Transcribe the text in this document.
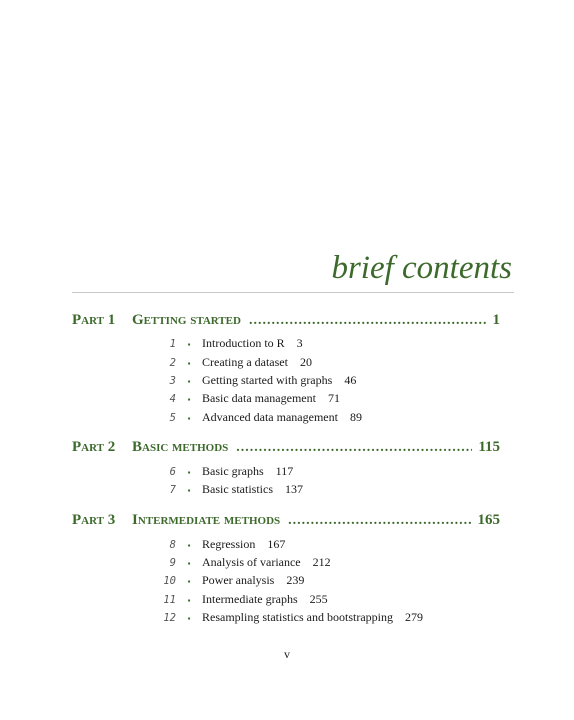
brief contents
Part 1	Getting started .....	1
1	▪ Introduction to R 3
2	▪ Creating a dataset 20
3	▪ Getting started with graphs 46
4	▪ Basic data management 71
5	▪ Advanced data management 89
Part 2	Basic methods .....	115
6	▪ Basic graphs 117
7	▪ Basic statistics 137
Part 3	Intermediate methods .....	165
8	▪ Regression 167
9	▪ Analysis of variance 212
10	▪ Power analysis 239
11	▪ Intermediate graphs 255
12	▪ Resampling statistics and bootstrapping 279
v
